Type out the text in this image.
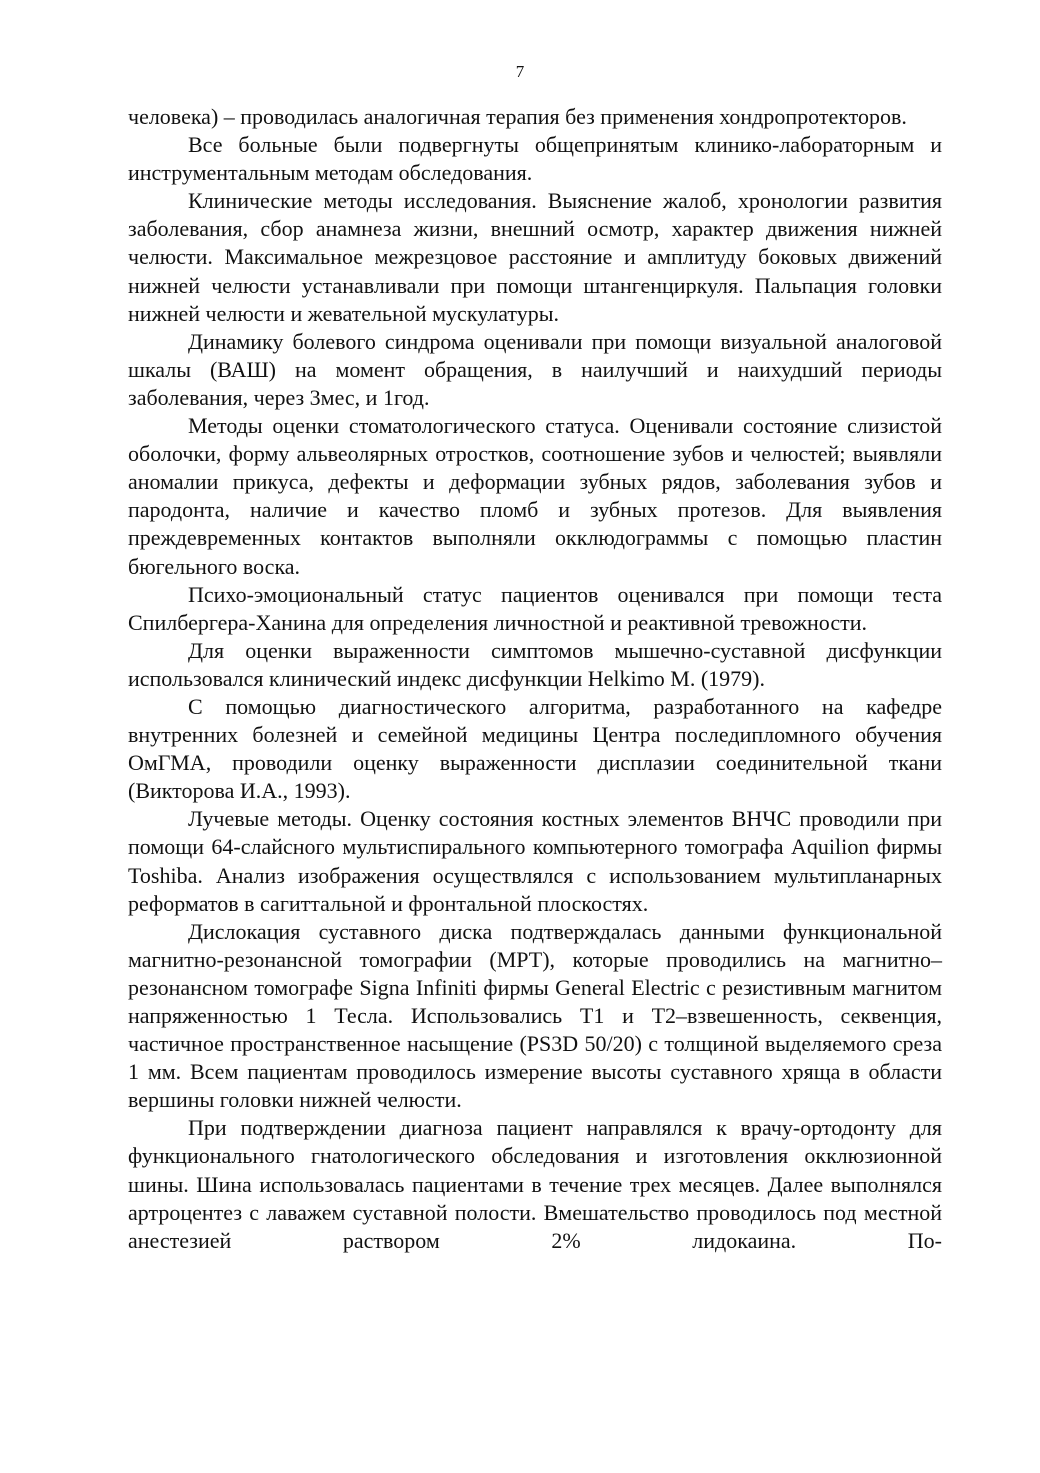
7

человека) – проводилась аналогичная терапия без применения хондропротекторов.

Все больные были подвергнуты общепринятым клинико-лабораторным и инструментальным методам обследования.

Клинические методы исследования. Выяснение жалоб, хронологии развития заболевания, сбор анамнеза жизни, внешний осмотр, характер движения нижней челюсти. Максимальное межрезцовое расстояние и амплитуду боковых движений нижней челюсти устанавливали при помощи штангенциркуля. Пальпация головки нижней челюсти и жевательной мускулатуры.

Динамику болевого синдрома оценивали при помощи визуальной аналоговой шкалы (ВАШ) на момент обращения, в наилучший и наихудший периоды заболевания, через 3мес, и 1год.

Методы оценки стоматологического статуса. Оценивали состояние слизистой оболочки, форму альвеолярных отростков, соотношение зубов и челюстей; выявляли аномалии прикуса, дефекты и деформации зубных рядов, заболевания зубов и пародонта, наличие и качество пломб и зубных протезов. Для выявления преждевременных контактов выполняли окклюдограммы с помощью пластин бюгельного воска.

Психо-эмоциональный статус пациентов оценивался при помощи теста Спилбергера-Ханина для определения личностной и реактивной тревожности.

Для оценки выраженности симптомов мышечно-суставной дисфункции использовался клинический индекс дисфункции Helkimo M. (1979).

С помощью диагностического алгоритма, разработанного на кафедре внутренних болезней и семейной медицины Центра последипломного обучения ОмГМА, проводили оценку выраженности дисплазии соединительной ткани (Викторова И.А., 1993).

Лучевые методы. Оценку состояния костных элементов ВНЧС проводили при помощи 64-слайсного мультиспирального компьютерного томографа Aquilion фирмы Toshiba. Анализ изображения осуществлялся с использованием мультипланарных реформатов в сагиттальной и фронтальной плоскостях.

Дислокация суставного диска подтверждалась данными функциональной магнитно-резонансной томографии (МРТ), которые проводились на магнитно–резонансном томографе Signa Infiniti фирмы General Electric с резистивным магнитом напряженностью 1 Тесла. Использовались Т1 и Т2–взвешенность, секвенция, частичное пространственное насыщение (PS3D 50/20) с толщиной выделяемого среза 1 мм. Всем пациентам проводилось измерение высоты суставного хряща в области вершины головки нижней челюсти.

При подтверждении диагноза пациент направлялся к врачу-ортодонту для функционального гнатологического обследования и изготовления окклюзионной шины. Шина использовалась пациентами в течение трех месяцев. Далее выполнялся артроцентез с лаважем суставной полости. Вмешательство проводилось под местной анестезией раствором 2% лидокаина. По-
